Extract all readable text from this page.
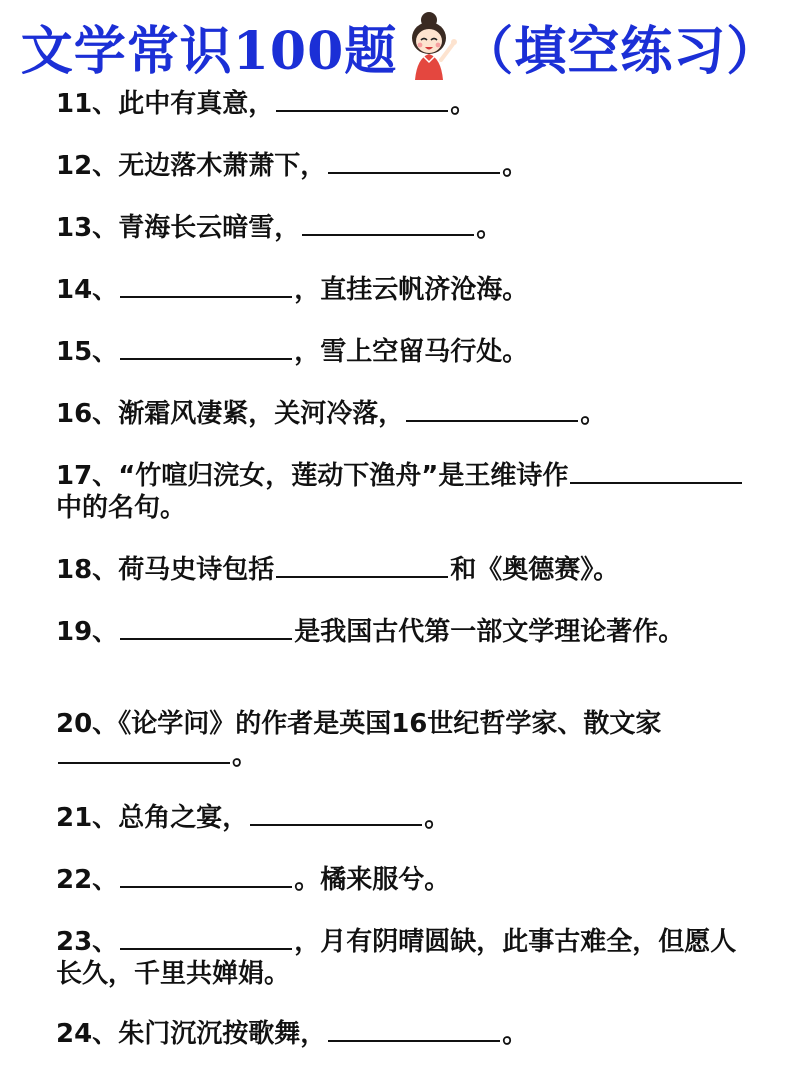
文学常识100题 （填空练习）
11、此中有真意，	。
12、无边落木萧萧下，	。
13、青海长云暗雪，	。
14、	，直挂云帆济沧海。
15、	，雪上空留马行处。
16、渐霜风凄紧，关河冷落，	。
17、“竹喧归浣女，莲动下渔舟”是王维诗作中的名句。
18、荷马史诗包括	和《奥德赛》。
19、	是我国古代第一部文学理论著作。
20、《论学问》的作者是英国16世纪哲学家、散文家。
21、总角之宴，	。
22、	。橘来服兮。
23、	，月有阴晴圆缺，此事古难全，但愿人长久，千里共婵娟。
24、朱门沉沉按歌舞，	。
